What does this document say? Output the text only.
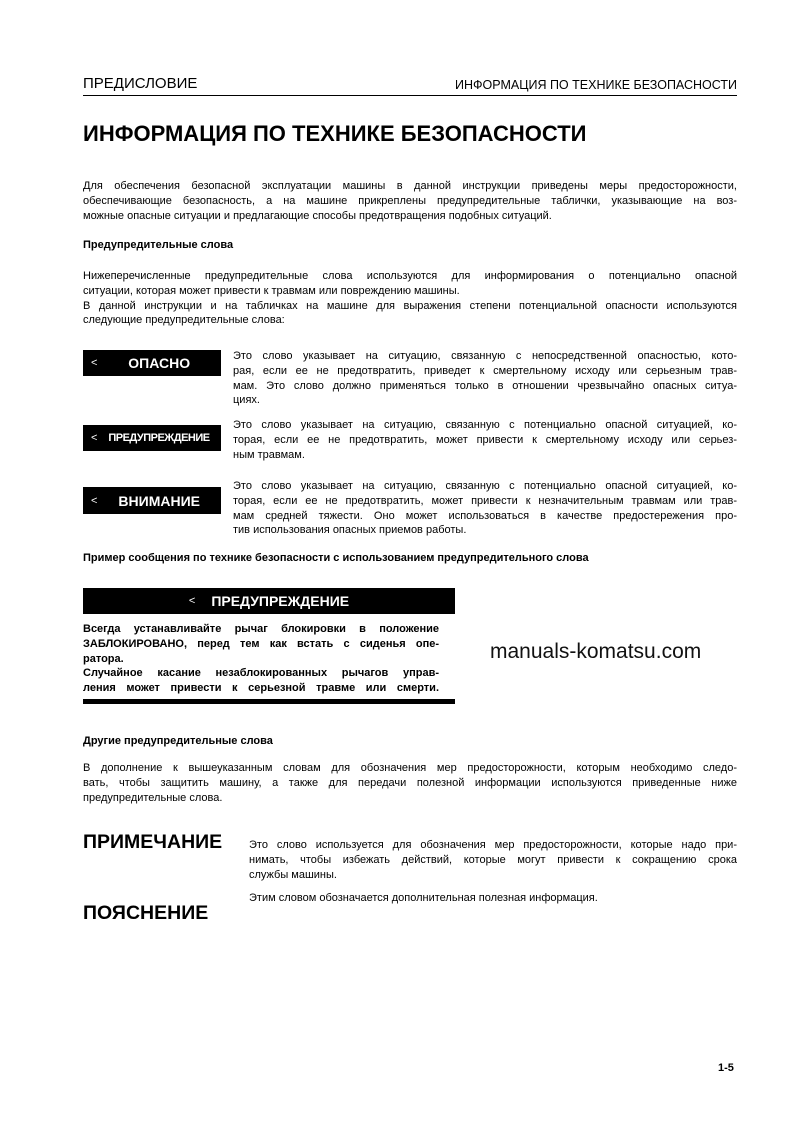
ПРЕДИСЛОВИЕ	ИНФОРМАЦИЯ ПО ТЕХНИКЕ БЕЗОПАСНОСТИ
ИНФОРМАЦИЯ ПО ТЕХНИКЕ БЕЗОПАСНОСТИ
Для обеспечения безопасной эксплуатации машины в данной инструкции приведены меры предосторожности,
обеспечивающие безопасность, а на машине прикреплены предупредительные таблички, указывающие на воз-
можные опасные ситуации и предлагающие способы предотвращения подобных ситуаций.
Предупредительные слова
Нижеперечисленные предупредительные слова используются для информирования о потенциально опасной
ситуации, которая может привести к травмам или повреждению машины.
В данной инструкции и на табличках на машине для выражения степени потенциальной опасности используются
следующие предупредительные слова:
<	ОПАСНО	Это слово указывает на ситуацию, связанную с непосредственной опасностью, кото-
рая, если ее не предотвратить, приведет к смертельному исходу или серьезным трав-
мам. Это слово должно применяться только в отношении чрезвычайно опасных ситуа-
циях.
<	ПРЕДУПРЕЖДЕНИЕ
Это слово указывает на ситуацию, связанную с потенциально опасной ситуацией, ко-
торая, если ее не предотвратить, может привести к смертельному исходу или серьез-
ным травмам.
<	ВНИМАНИЕ
Это слово указывает на ситуацию, связанную с потенциально опасной ситуацией, ко-
торая, если ее не предотвратить, может привести к незначительным травмам или трав-
мам средней тяжести. Оно может использоваться в качестве предостережения про-
тив использования опасных приемов работы.
Пример сообщения по технике безопасности с использованием предупредительного слова
< ПРЕДУПРЕЖДЕНИЕ
Всегда устанавливайте рычаг блокировки в положение
ЗАБЛОКИРОВАНО, перед тем как встать с сиденья опе-
ратора.
Случайное касание незаблокированных рычагов управ-
ления может привести к серьезной травме или смерти.
manuals-komatsu.com
Другие предупредительные слова
В дополнение к вышеуказанным словам для обозначения мер предосторожности, которым необходимо следо-
вать, чтобы защитить машину, а также для передачи полезной информации используются приведенные ниже
предупредительные слова.
ПРИМЕЧАНИЕ Это слово используется для обозначения мер предосторожности, которые надо при-
нимать, чтобы избежать действий, которые могут привести к сокращению срока
службы машины.
ПОЯСНЕНИЕ
Этим словом обозначается дополнительная полезная информация.
1-5
